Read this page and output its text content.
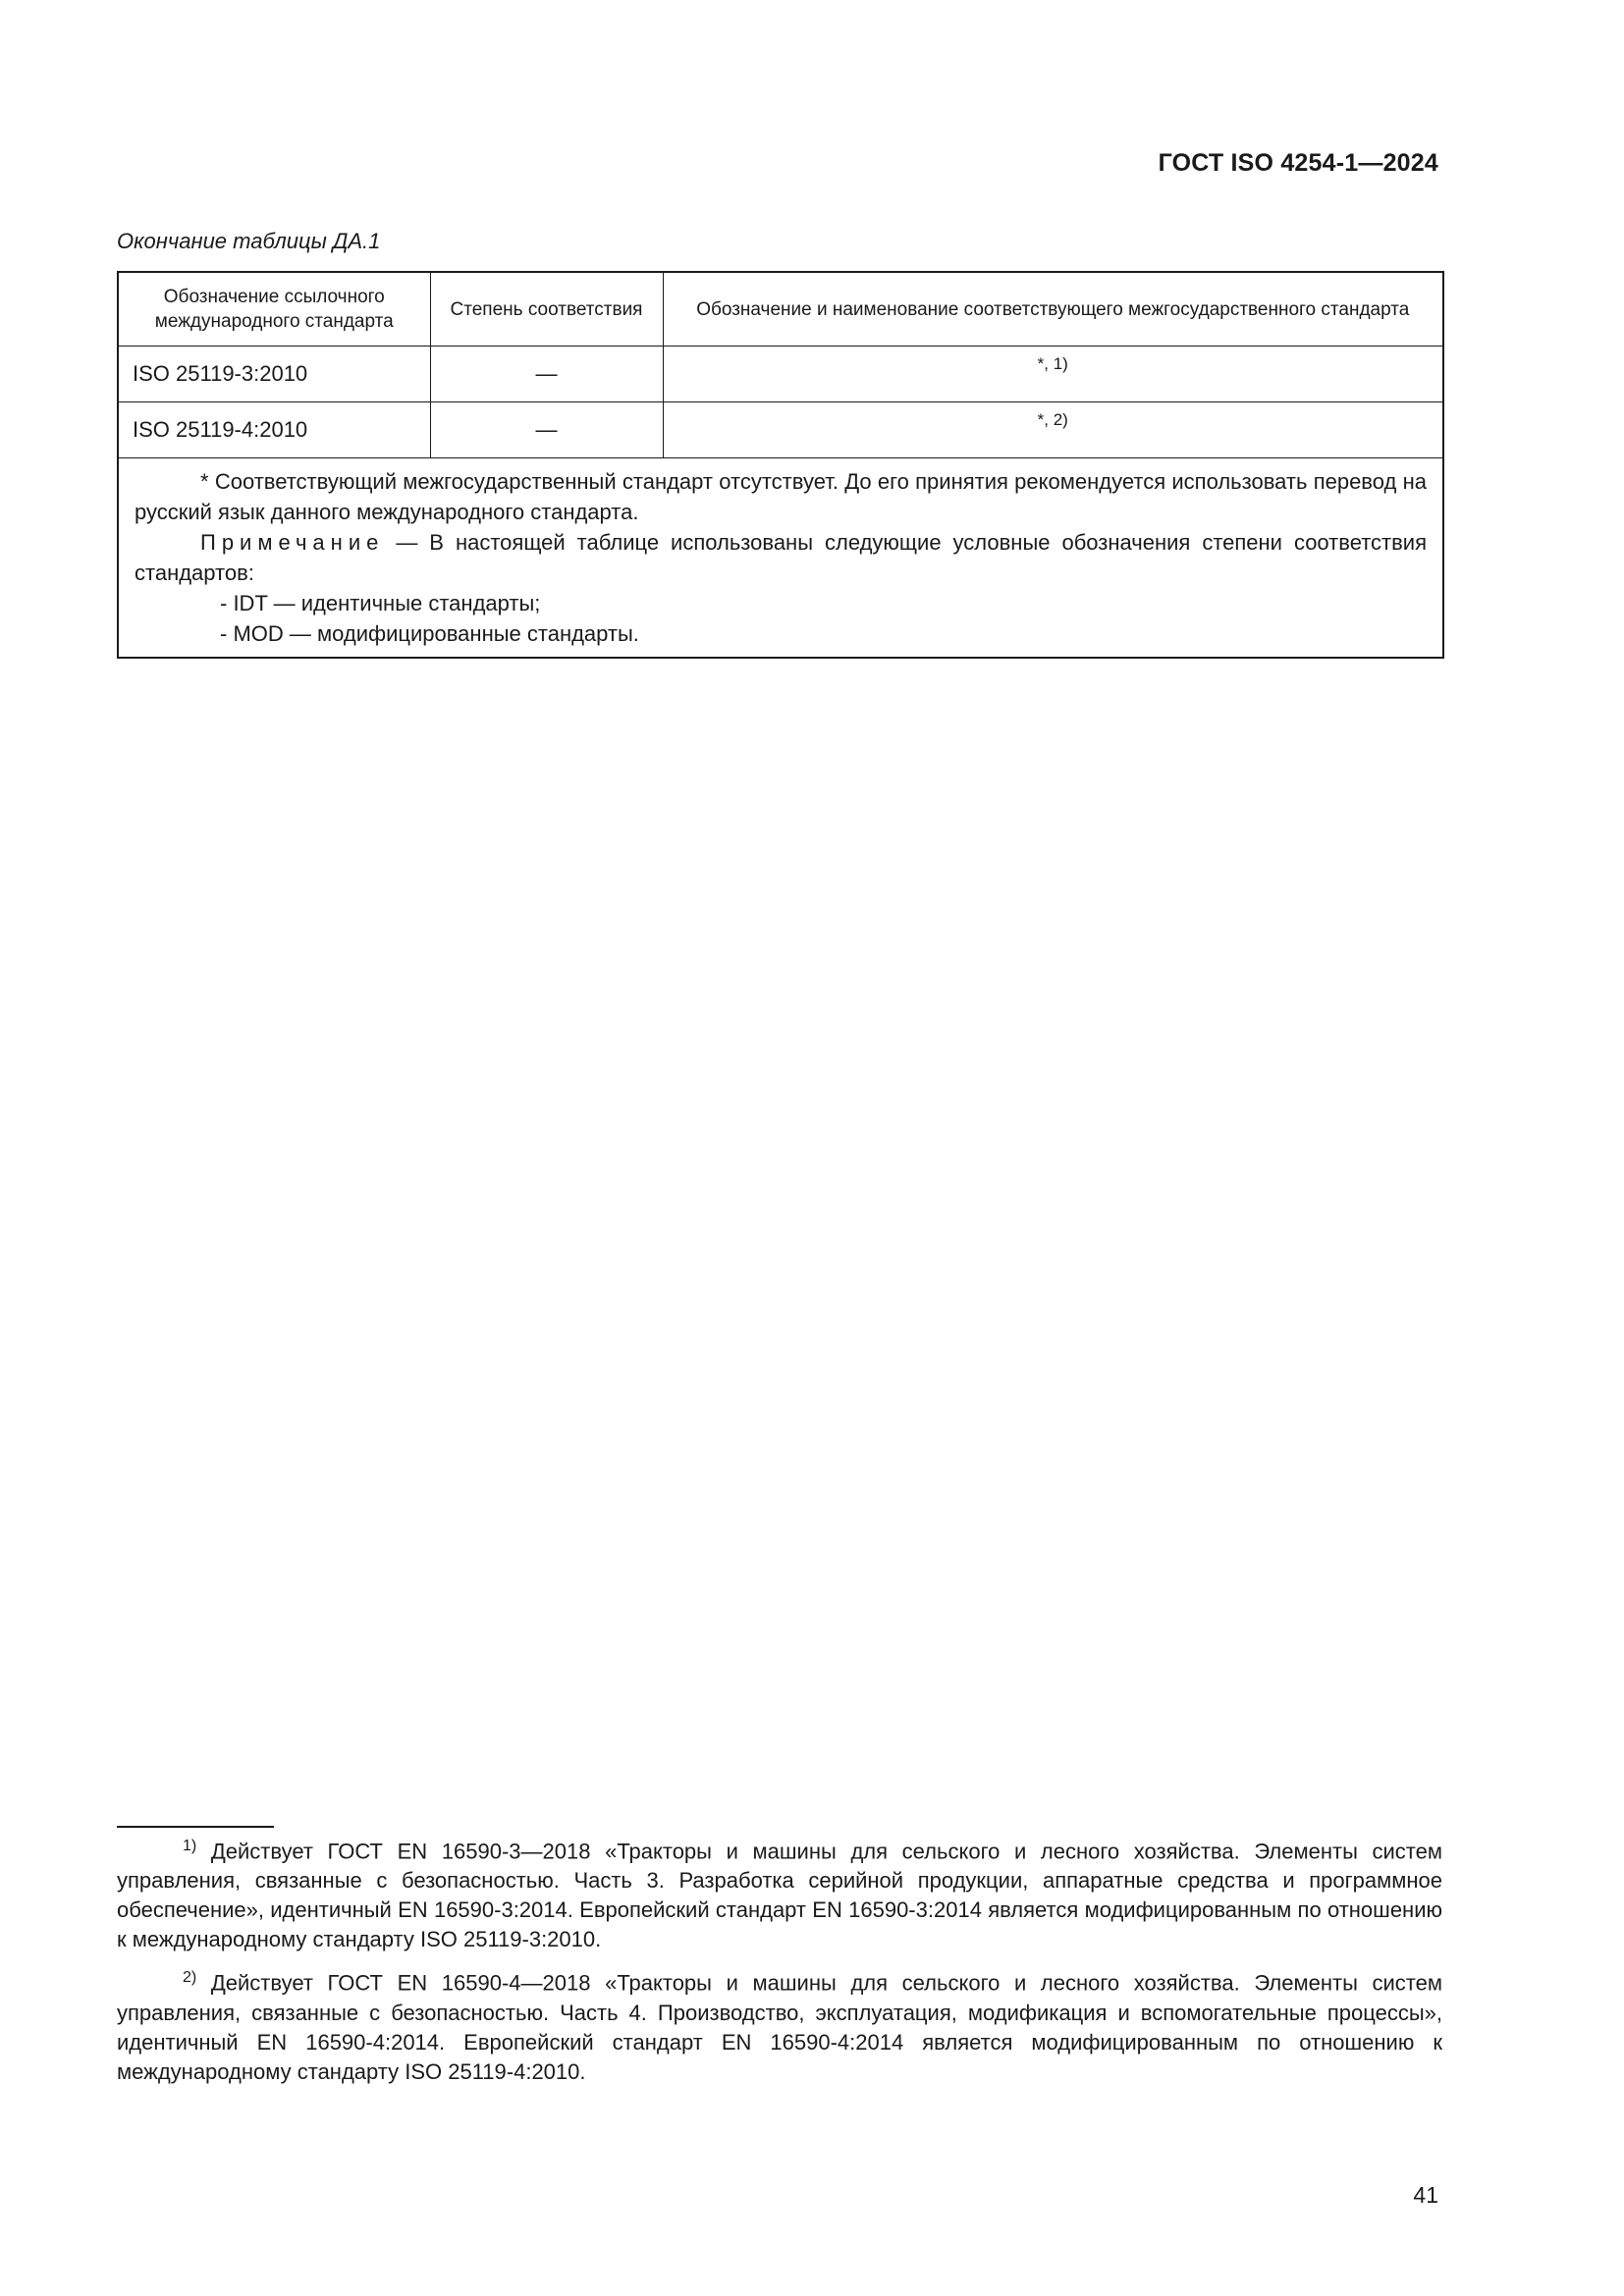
ГОСТ ISO 4254-1—2024
Окончание таблицы ДА.1
Обозначение ссылочного международного стандарта	Степень соответствия	Обозначение и наименование соответствующего межгосударственного стандарта
ISO 25119-3:2010	—	*, 1)
ISO 25119-4:2010	—	*, 2)

* Соответствующий межгосударственный стандарт отсутствует. До его принятия рекомендуется использовать перевод на русский язык данного международного стандарта.

Примечание — В настоящей таблице использованы следующие условные обозначения степени соответствия стандартов:

- IDT — идентичные стандарты;

- MOD — модифицированные стандарты.		

$^{1)}$ Действует ГОСТ EN 16590-3—2018 «Тракторы и машины для сельского и лесного хозяйства. Элементы систем управления, связанные с безопасностью. Часть 3. Разработка серийной продукции, аппаратные средства и программное обеспечение», идентичный EN 16590-3:2014. Европейский стандарт EN 16590-3:2014 является модифицированным по отношению к международному стандарту ISO 25119-3:2010.

$^{2)}$ Действует ГОСТ EN 16590-4—2018 «Тракторы и машины для сельского и лесного хозяйства. Элементы систем управления, связанные с безопасностью. Часть 4. Производство, эксплуатация, модификация и вспомогательные процессы», идентичный EN 16590-4:2014. Европейский стандарт EN 16590-4:2014 является модифицированным по отношению к международному стандарту ISO 25119-4:2010.

41
